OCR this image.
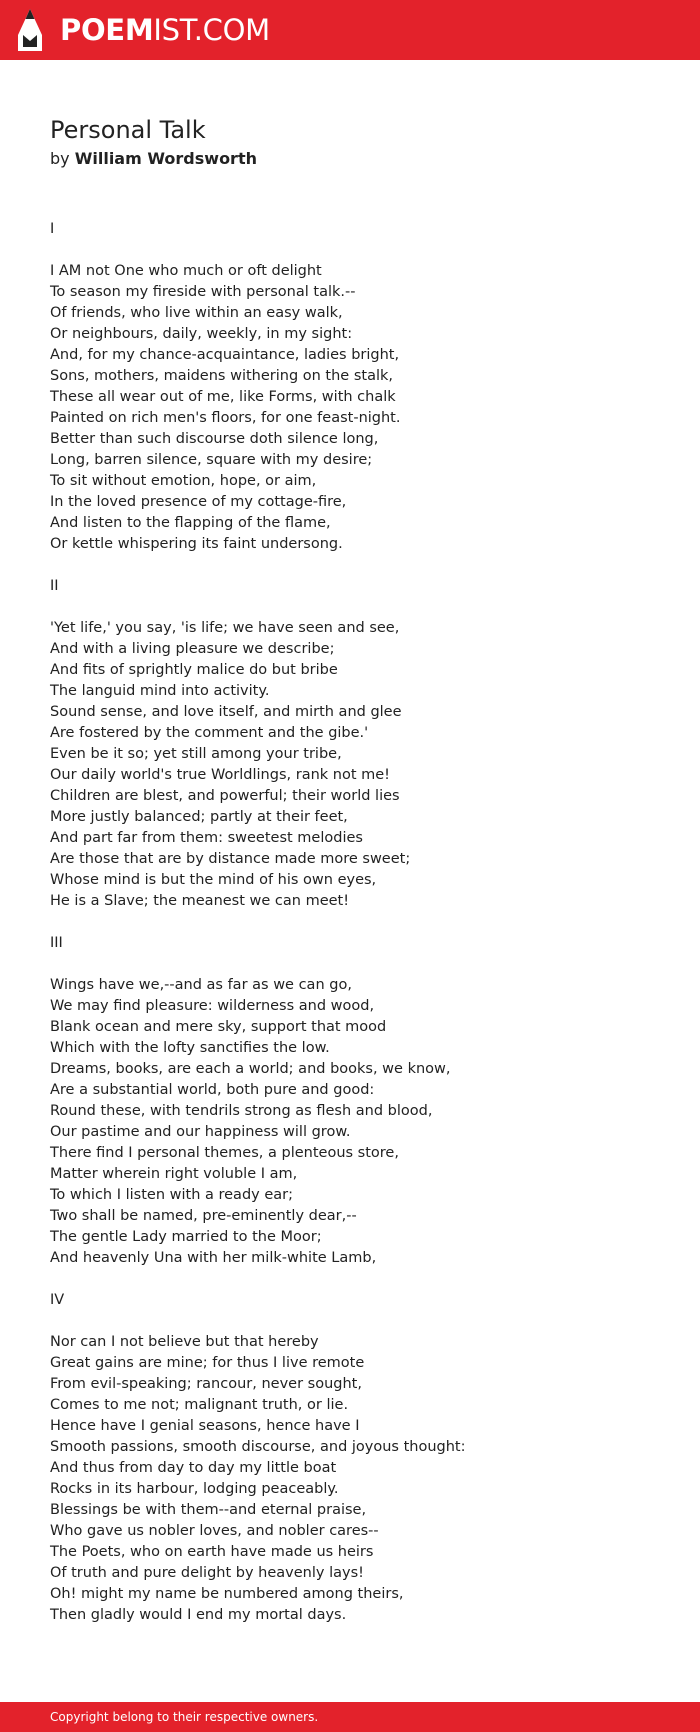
POEMIST.COM
Personal Talk
by William Wordsworth
I
I AM not One who much or oft delight
To season my fireside with personal talk.--
Of friends, who live within an easy walk,
Or neighbours, daily, weekly, in my sight:
And, for my chance-acquaintance, ladies bright,
Sons, mothers, maidens withering on the stalk,
These all wear out of me, like Forms, with chalk
Painted on rich men's floors, for one feast-night.
Better than such discourse doth silence long,
Long, barren silence, square with my desire;
To sit without emotion, hope, or aim,
In the loved presence of my cottage-fire,
And listen to the flapping of the flame,
Or kettle whispering its faint undersong.
II
'Yet life,' you say, 'is life; we have seen and see,
And with a living pleasure we describe;
And fits of sprightly malice do but bribe
The languid mind into activity.
Sound sense, and love itself, and mirth and glee
Are fostered by the comment and the gibe.'
Even be it so; yet still among your tribe,
Our daily world's true Worldlings, rank not me!
Children are blest, and powerful; their world lies
More justly balanced; partly at their feet,
And part far from them: sweetest melodies
Are those that are by distance made more sweet;
Whose mind is but the mind of his own eyes,
He is a Slave; the meanest we can meet!
III
Wings have we,--and as far as we can go,
We may find pleasure: wilderness and wood,
Blank ocean and mere sky, support that mood
Which with the lofty sanctifies the low.
Dreams, books, are each a world; and books, we know,
Are a substantial world, both pure and good:
Round these, with tendrils strong as flesh and blood,
Our pastime and our happiness will grow.
There find I personal themes, a plenteous store,
Matter wherein right voluble I am,
To which I listen with a ready ear;
Two shall be named, pre-eminently dear,--
The gentle Lady married to the Moor;
And heavenly Una with her milk-white Lamb,
IV
Nor can I not believe but that hereby
Great gains are mine; for thus I live remote
From evil-speaking; rancour, never sought,
Comes to me not; malignant truth, or lie.
Hence have I genial seasons, hence have I
Smooth passions, smooth discourse, and joyous thought:
And thus from day to day my little boat
Rocks in its harbour, lodging peaceably.
Blessings be with them--and eternal praise,
Who gave us nobler loves, and nobler cares--
The Poets, who on earth have made us heirs
Of truth and pure delight by heavenly lays!
Oh! might my name be numbered among theirs,
Then gladly would I end my mortal days.
Copyright belong to their respective owners.
